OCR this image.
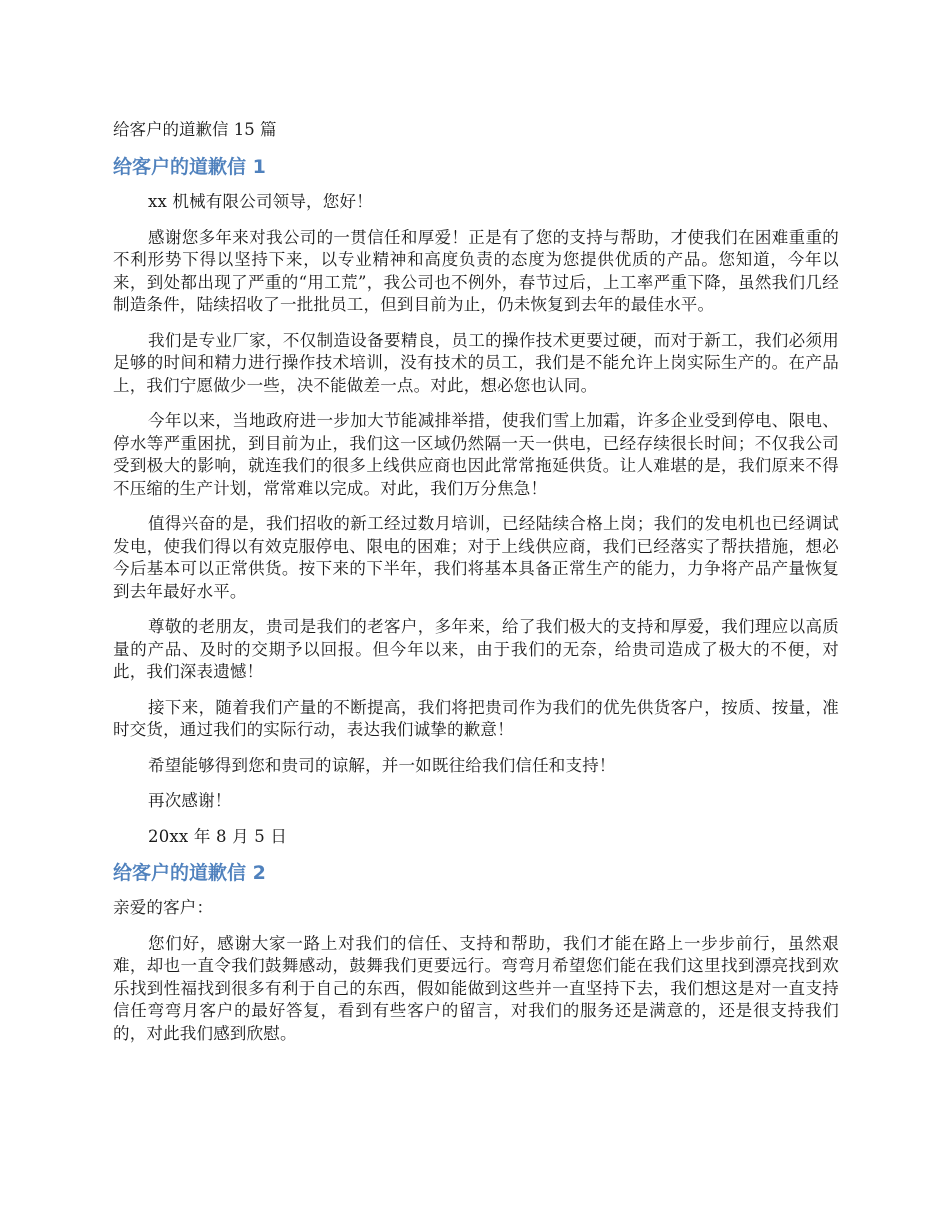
给客户的道歉信 15 篇
给客户的道歉信 1

xx 机械有限公司领导，您好！

感谢您多年来对我公司的一贯信任和厚爱！正是有了您的支持与帮助，才使我们在困难重重的不利形势下得以坚持下来，以专业精神和高度负责的态度为您提供优质的产品。您知道，今年以来，到处都出现了严重的“用工荒”，我公司也不例外，春节过后，上工率严重下降，虽然我们几经制造条件，陆续招收了一批批员工，但到目前为止，仍未恢复到去年的最佳水平。

我们是专业厂家，不仅制造设备要精良，员工的操作技术更要过硬，而对于新工，我们必须用足够的时间和精力进行操作技术培训，没有技术的员工，我们是不能允许上岗实际生产的。在产品上，我们宁愿做少一些，决不能做差一点。对此，想必您也认同。

今年以来，当地政府进一步加大节能减排举措，使我们雪上加霜，许多企业受到停电、限电、停水等严重困扰，到目前为止，我们这一区域仍然隔一天一供电，已经存续很长时间；不仅我公司受到极大的影响，就连我们的很多上线供应商也因此常常拖延供货。让人难堪的是，我们原来不得不压缩的生产计划，常常难以完成。对此，我们万分焦急！

值得兴奋的是，我们招收的新工经过数月培训，已经陆续合格上岗；我们的发电机也已经调试发电，使我们得以有效克服停电、限电的困难；对于上线供应商，我们已经落实了帮扶措施，想必今后基本可以正常供货。按下来的下半年，我们将基本具备正常生产的能力，力争将产品产量恢复到去年最好水平。

尊敬的老朋友，贵司是我们的老客户，多年来，给了我们极大的支持和厚爱，我们理应以高质量的产品、及时的交期予以回报。但今年以来，由于我们的无奈，给贵司造成了极大的不便，对此，我们深表遗憾！

接下来，随着我们产量的不断提高，我们将把贵司作为我们的优先供货客户，按质、按量，准时交货，通过我们的实际行动，表达我们诚挚的歉意！

希望能够得到您和贵司的谅解，并一如既往给我们信任和支持！

再次感谢！

20xx 年 8 月 5 日

给客户的道歉信 2

亲爱的客户：

您们好，感谢大家一路上对我们的信任、支持和帮助，我们才能在路上一步步前行，虽然艰难，却也一直令我们鼓舞感动，鼓舞我们更要远行。弯弯月希望您们能在我们这里找到漂亮找到欢乐找到性福找到很多有利于自己的东西，假如能做到这些并一直坚持下去，我们想这是对一直支持信任弯弯月客户的最好答复，看到有些客户的留言，对我们的服务还是满意的，还是很支持我们的，对此我们感到欣慰。
